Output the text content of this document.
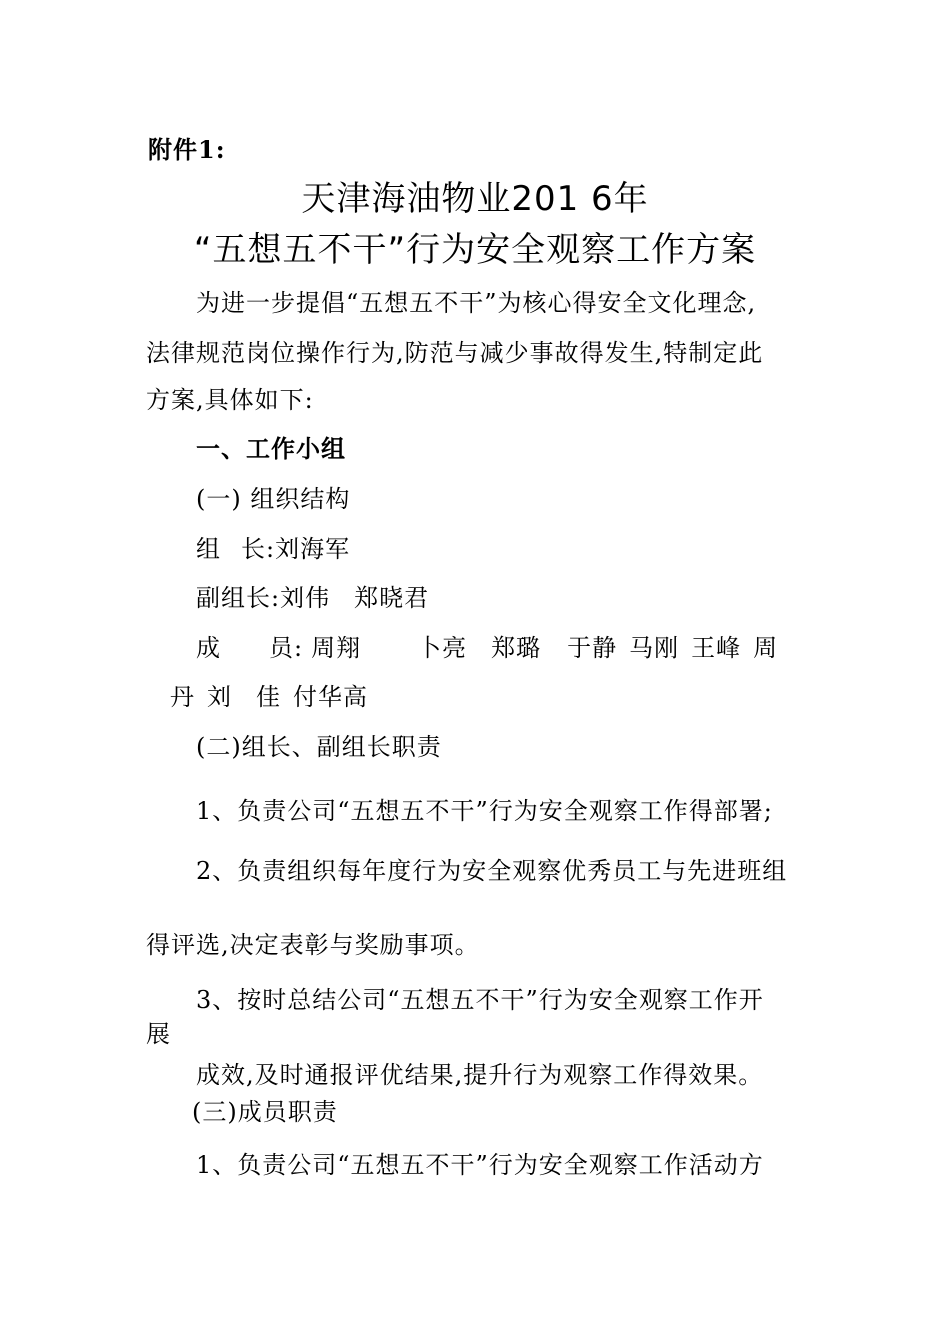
附件1:
天津海油物业201 6年
“五想五不干”行为安全观察工作方案
为进一步提倡“五想五不干”为核心得安全文化理念,
法律规范岗位操作行为,防范与减少事故得发生,特制定此
方案,具体如下:
一、工作小组
(一) 组织结构
组 长:刘海军
副组长:刘伟 郑晓君
成 员: 周翔 卜亮 郑璐 于静 马刚 王峰 周
丹 刘 佳 付华高
(二)组长、副组长职责
1、负责公司“五想五不干”行为安全观察工作得部署;
2、负责组织每年度行为安全观察优秀员工与先进班组
得评选,决定表彰与奖励事项。
3、按时总结公司“五想五不干”行为安全观察工作开
展
成效,及时通报评优结果,提升行为观察工作得效果。
(三)成员职责
1、负责公司“五想五不干”行为安全观察工作活动方
